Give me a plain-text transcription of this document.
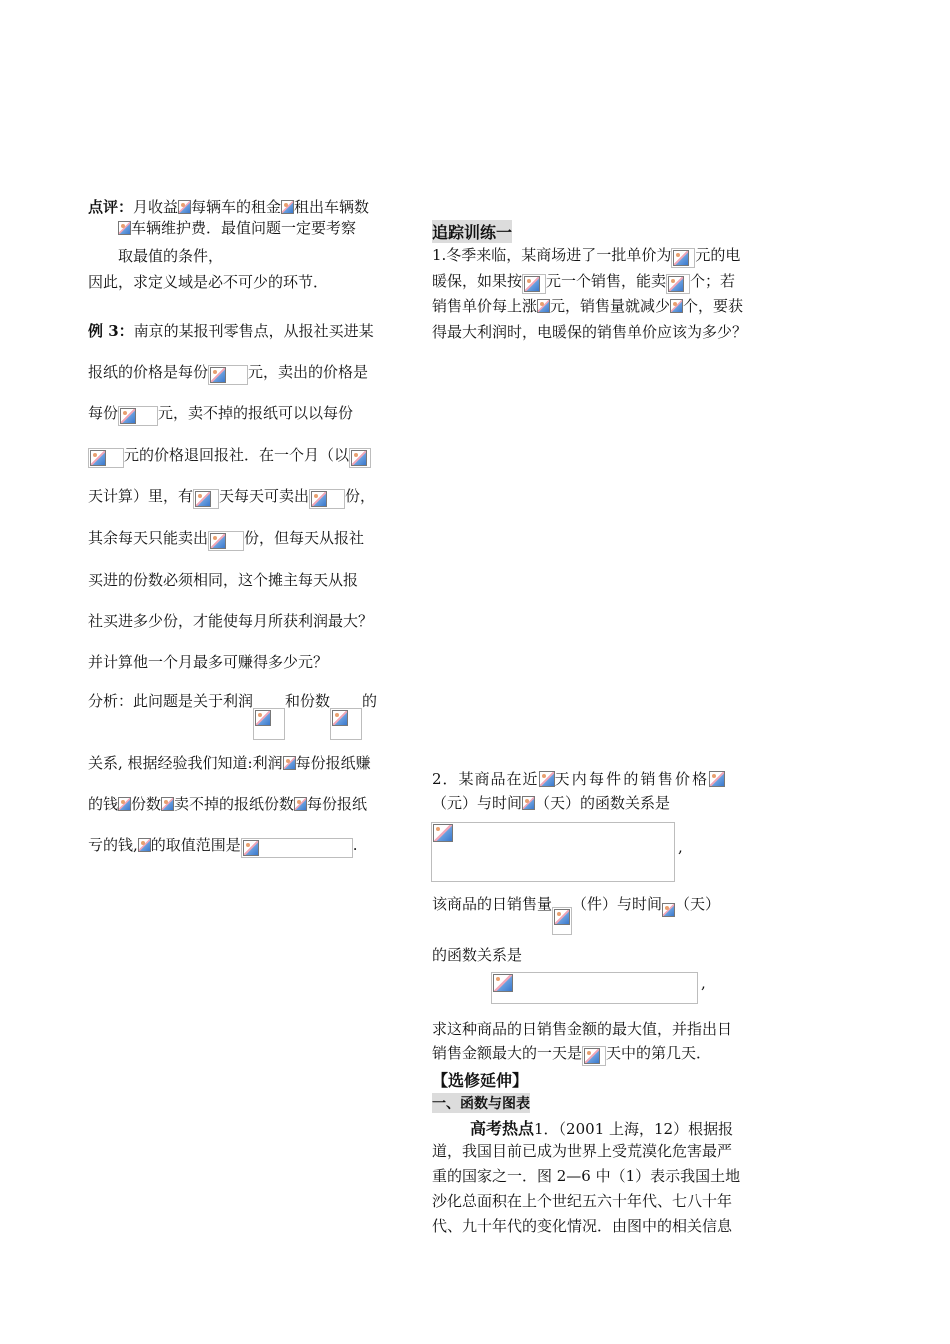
点评：月收益 每辆车的租金 租出车辆数
车辆维护费．最值问题一定要考察
取最值的条件，
因此，求定义域是必不可少的环节．
例 3：南京的某报刊零售点，从报社买进某
报纸的价格是每份	元，卖出的价格是
每份	元，卖不掉的报纸可以以每份
元的价格退回报社．在一个月（以
天计算）里，有 天每天可卖出 份，
其余每天只能卖出 份，但每天从报社
买进的份数必须相同，这个摊主每天从报
社买进多少份，才能使每月所获利润最大？
并计算他一个月最多可赚得多少元？
分析：此问题是关于利润 和份数 的
关系, 根据经验我们知道:利润 每份报纸赚
的钱 份数 卖不掉的报纸份数 每份报纸
亏的钱, 的取值范围是	.
追踪训练一
1.冬季来临，某商场进了一批单价为 元的电
暖保，如果按 元一个销售，能卖 个；若
销售单价每上涨 元，销售量就减少 个，要获
得最大利润时，电暖保的销售单价应该为多少？
2．某商品在近 天内每件的销售价格
（元）与时间 （天）的函数关系是
,
该商品的日销售量 （件）与时间 （天）
的函数关系是
,
求这种商品的日销售金额的最大值，并指出日
销售金额最大的一天是 天中的第几天．
【选修延伸】
一、函数与图表
高考热点1．（2001 上海，12）根据报
道，我国目前已成为世界上受荒漠化危害最严
重的国家之一．图 2—6 中（1）表示我国土地
沙化总面积在上个世纪五六十年代、七八十年
代、九十年代的变化情况．由图中的相关信息
